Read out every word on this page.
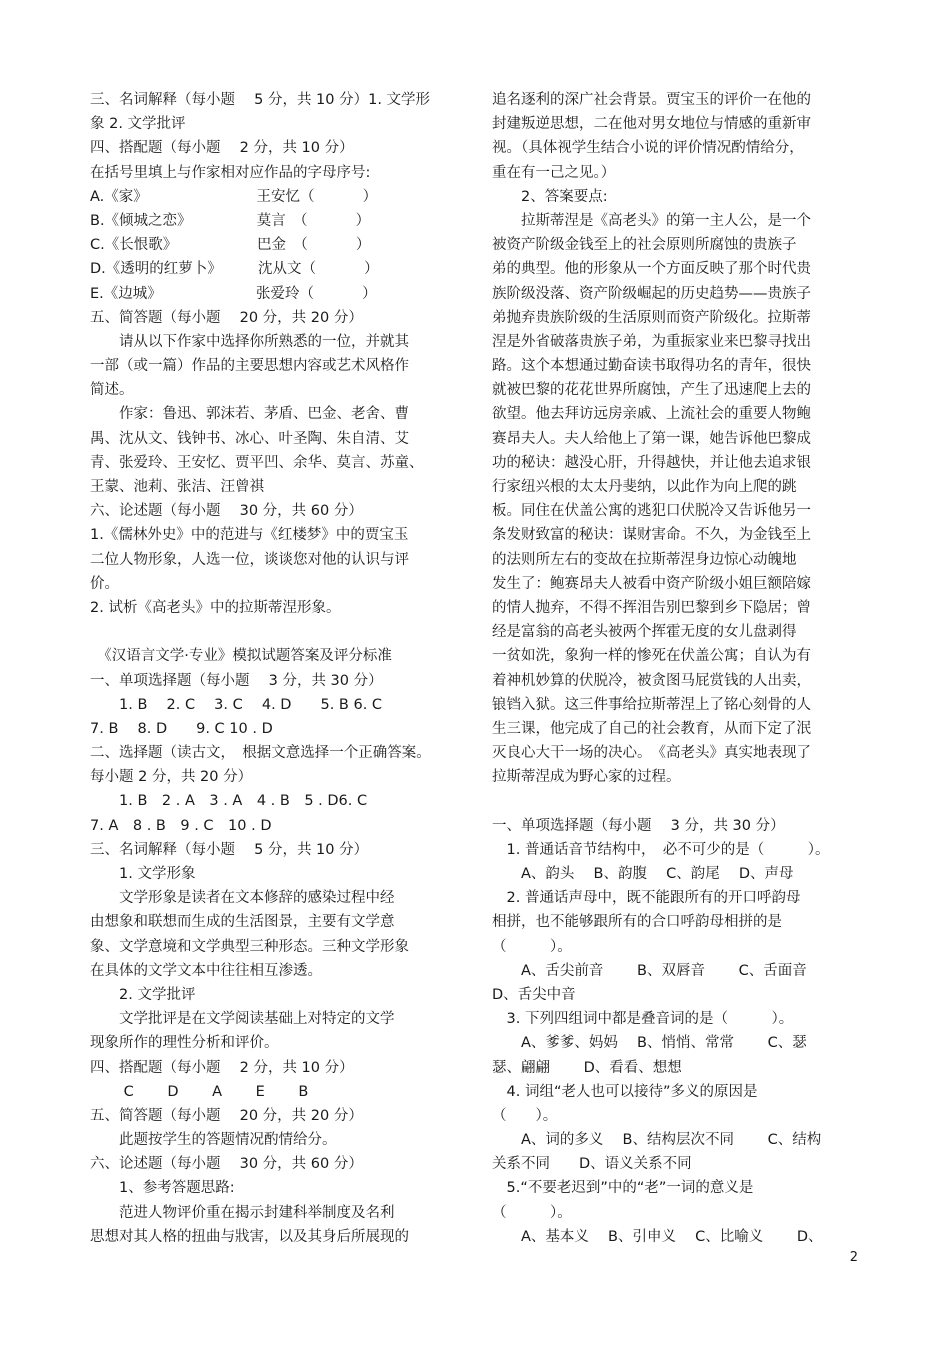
三、名词解释（每小题　 5 分，共 10 分）1. 文学形
象 2. 文学批评
四、搭配题（每小题　 2 分，共 10 分）
在括号里填上与作家相对应作品的字母序号:
A.《家》　　　　　　　　王安忆（　　　 ）
B.《倾城之恋》　　　　　莫言　（　　　 ）
C.《长恨歌》　　　　　　巴金　（　　　 ）
D.《透明的红萝卜》　　　沈从文（　　　 ）
E.《边城》　　　　　　　张爱玲（　　　 ）
五、简答题（每小题　 20 分，共 20 分）
　　请从以下作家中选择你所熟悉的一位，并就其
一部（或一篇）作品的主要思想内容或艺术风格作
简述。
　　作家：鲁迅、郭沫若、茅盾、巴金、老舍、曹
禺、沈从文、钱钟书、冰心、叶圣陶、朱自清、艾
青、张爱玲、王安忆、贾平凹、余华、莫言、苏童、
王蒙、池莉、张洁、汪曾祺
六、论述题（每小题　 30 分，共 60 分）
1.《儒林外史》中的范进与《红楼梦》中的贾宝玉
二位人物形象，人选一位，谈谈您对他的认识与评
价。
2. 试析《高老头》中的拉斯蒂涅形象。
　《汉语言文学·专业》模拟试题答案及评分标准
一、单项选择题（每小题　 3 分，共 30 分）
　　1. B　 2. C　 3. C　 4. D　　5. B 6. C
7. B　 8. D　　9. C 10 . D
二、选择题（读古文，　根据文意选择一个正确答案。
每小题 2 分，共 20 分）
　　1. B　2 . A　3 . A　4 . B　5 . D6. C
7. A　8 . B　9 . C　10 . D
三、名词解释（每小题　 5 分，共 10 分）
　　1. 文学形象
　　文学形象是读者在文本修辞的感染过程中经
由想象和联想而生成的生活图景，主要有文学意
象、文学意境和文学典型三种形态。三种文学形象
在具体的文学文本中往往相互渗透。
　　2. 文学批评
　　文学批评是在文学阅读基础上对特定的文学
现象所作的理性分析和评价。
四、搭配题（每小题　 2 分，共 10 分）
　　 C　　 D　　 A　　 E　　 B
五、简答题（每小题　 20 分，共 20 分）
　　此题按学生的答题情况酌情给分。
六、论述题（每小题　 30 分，共 60 分）
　　1、参考答题思路:
　　范进人物评价重在揭示封建科举制度及名利
思想对其人格的扭曲与戕害，以及其身后所展现的
追名逐利的深广社会背景。贾宝玉的评价一在他的
封建叛逆思想，二在他对男女地位与情感的重新审
视。（具体视学生结合小说的评价情况酌情给分，
重在有一己之见。）
　　2、答案要点:
　　拉斯蒂涅是《高老头》的第一主人公，是一个
被资产阶级金钱至上的社会原则所腐蚀的贵族子
弟的典型。他的形象从一个方面反映了那个时代贵
族阶级没落、资产阶级崛起的历史趋势——贵族子
弟抛弃贵族阶级的生活原则而资产阶级化。拉斯蒂
涅是外省破落贵族子弟，为重振家业来巴黎寻找出
路。这个本想通过勤奋读书取得功名的青年，很快
就被巴黎的花花世界所腐蚀，产生了迅速爬上去的
欲望。他去拜访远房亲戚、上流社会的重要人物鲍
赛昂夫人。夫人给他上了第一课，她告诉他巴黎成
功的秘诀：越没心肝，升得越快，并让他去追求银
行家纽兴根的太太丹斐纳，以此作为向上爬的跳
板。同住在伏盖公寓的逃犯口伏脱冷又告诉他另一
条发财致富的秘诀：谋财害命。不久，为金钱至上
的法则所左右的变故在拉斯蒂涅身边惊心动魄地
发生了：鲍赛昂夫人被看中资产阶级小姐巨额陪嫁
的情人抛弃，不得不挥泪告别巴黎到乡下隐居；曾
经是富翁的高老头被两个挥霍无度的女儿盘剥得
一贫如洗，象狗一样的惨死在伏盖公寓；自认为有
着神机妙算的伏脱冷，被贪图马屁赏钱的人出卖，
锒铛入狱。这三件事给拉斯蒂涅上了铭心刻骨的人
生三课，他完成了自己的社会教育，从而下定了泯
灭良心大干一场的决心。　《高老头》真实地表现了
拉斯蒂涅成为野心家的过程。
一、单项选择题（每小题　 3 分，共 30 分）
　1. 普通话音节结构中，　必不可少的是（　　　）。
　　A、韵头　 B、韵腹　 C、韵尾　 D、声母
　2. 普通话声母中，既不能跟所有的开口呼韵母
相拼，也不能够跟所有的合口呼韵母相拼的是
（　　　）。
　　A、舌尖前音　　 B、双唇音　　 C、舌面音
D、舌尖中音
　3. 下列四组词中都是叠音词的是（　　　）。
　　A、爹爹、妈妈　 B、悄悄、常常　　 C、瑟
瑟、翩翩　　 D、看看、想想
　4. 词组“老人也可以接待”多义的原因是
（　　）。
　　A、词的多义　 B、结构层次不同　　 C、结构
关系不同　　D、语义关系不同
　5.“不要老迟到”中的“老”一词的意义是
（　　　）。
　　A、基本义　 B、引申义　 C、比喻义　　 D、
2
